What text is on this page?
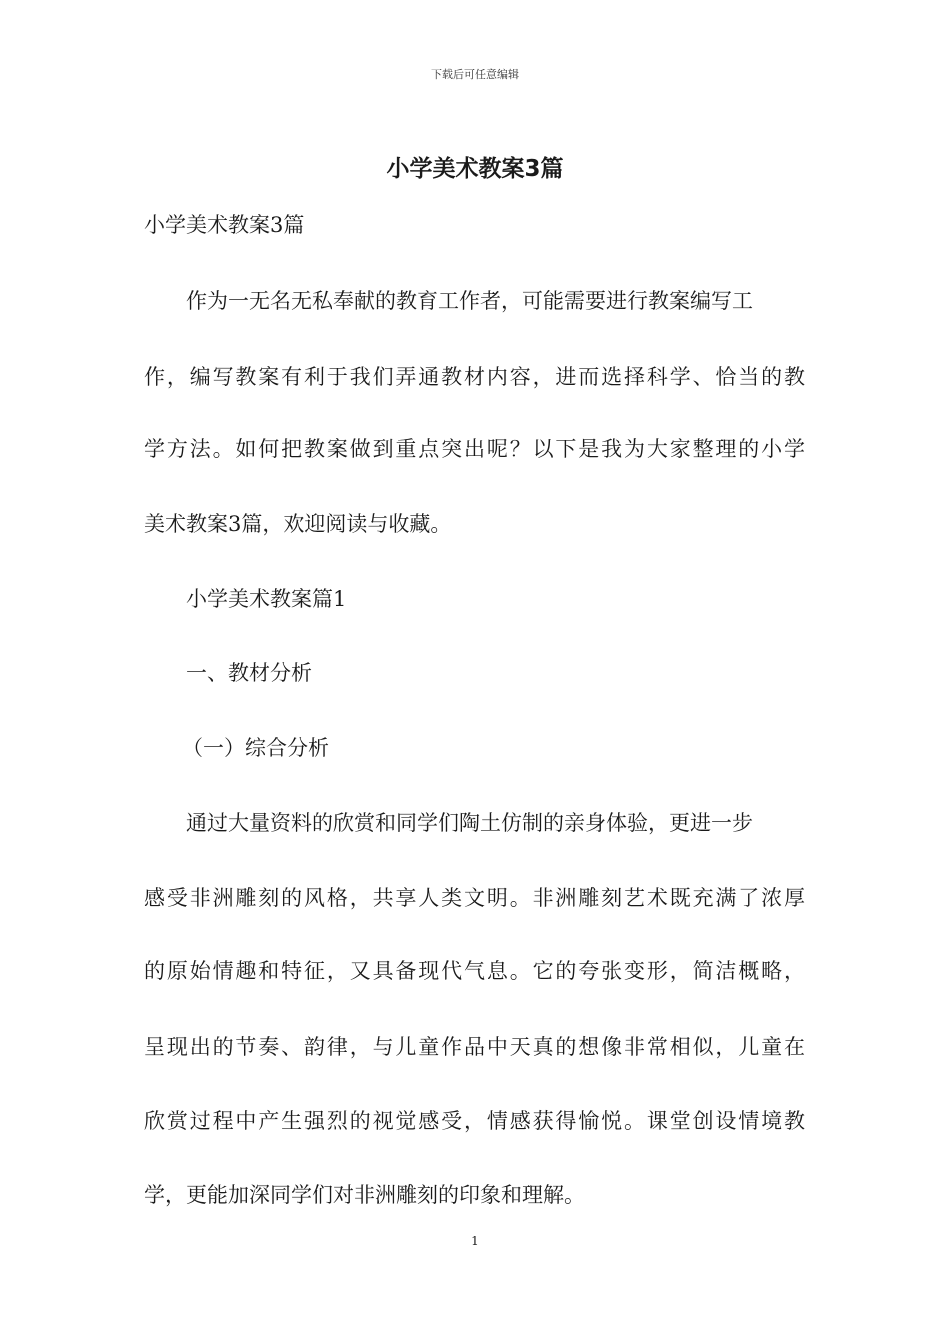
下载后可任意编辑
小学美术教案3篇
小学美术教案3篇
作为一无名无私奉献的教育工作者，可能需要进行教案编写工
作，编写教案有利于我们弄通教材内容，进而选择科学、恰当的教
学方法。如何把教案做到重点突出呢？以下是我为大家整理的小学
美术教案3篇，欢迎阅读与收藏。
小学美术教案篇1
一、教材分析
（一）综合分析
通过大量资料的欣赏和同学们陶土仿制的亲身体验，更进一步
感受非洲雕刻的风格，共享人类文明。非洲雕刻艺术既充满了浓厚
的原始情趣和特征，又具备现代气息。它的夸张变形，简洁概略，
呈现出的节奏、韵律，与儿童作品中天真的想像非常相似，儿童在
欣赏过程中产生强烈的视觉感受，情感获得愉悦。课堂创设情境教
学，更能加深同学们对非洲雕刻的印象和理解。
1
